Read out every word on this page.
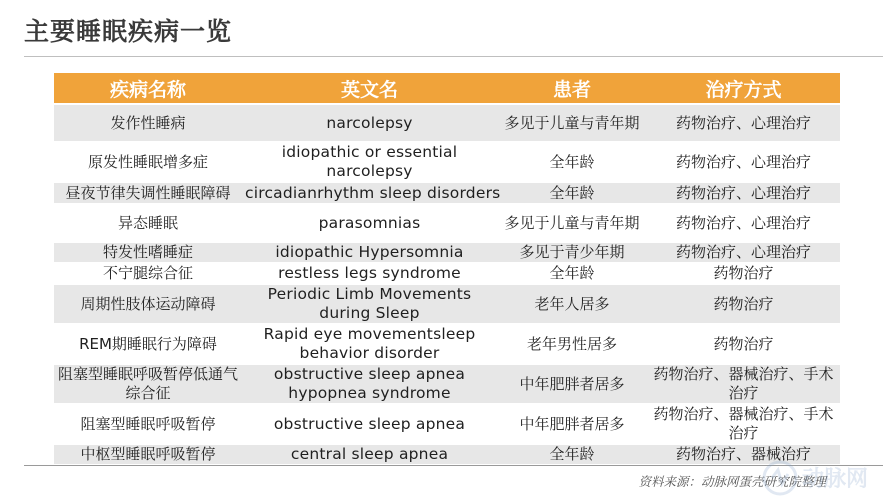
主要睡眠疾病一览
疾病名称	英文名	患者	治疗方式
发作性睡病	narcolepsy	多见于儿童与青年期	药物治疗、心理治疗
原发性睡眠增多症	idiopathic or essential narcolepsy	全年龄	药物治疗、心理治疗
昼夜节律失调性睡眠障碍	circadianrhythm sleep disorders	全年龄	药物治疗、心理治疗
异态睡眠	parasomnias	多见于儿童与青年期	药物治疗、心理治疗
特发性嗜睡症	idiopathic Hypersomnia	多见于青少年期	药物治疗、心理治疗
不宁腿综合征	restless legs syndrome	全年龄	药物治疗
周期性肢体运动障碍	Periodic Limb Movements during Sleep	老年人居多	药物治疗
REM期睡眠行为障碍	Rapid eye movementsleep behavior disorder	老年男性居多	药物治疗
阻塞型睡眠呼吸暂停低通气综合征	obstructive sleep apnea hypopnea syndrome	中年肥胖者居多	药物治疗、器械治疗、手术治疗
阻塞型睡眠呼吸暂停	obstructive sleep apnea	中年肥胖者居多	药物治疗、器械治疗、手术治疗
中枢型睡眠呼吸暂停	central sleep apnea	全年龄	药物治疗、器械治疗
资料来源：动脉网蛋壳研究院整理
动脉网
